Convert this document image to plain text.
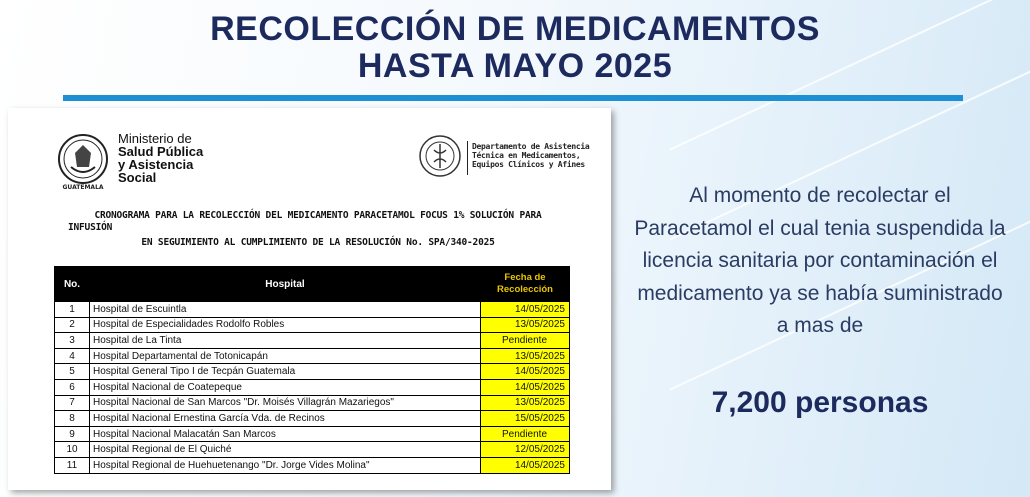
RECOLECCIÓN DE MEDICAMENTOS
HASTA MAYO 2025
GUATEMALA
Ministerio de
Salud Pública
y Asistencia
Social
Departamento de Asistencia
Técnica en Medicamentos,
Equipos Clínicos y Afines
CRONOGRAMA PARA LA RECOLECCIÓN DEL MEDICAMENTO PARACETAMOL FOCUS 1% SOLUCIÓN PARA
INFUSIÓN
EN SEGUIMIENTO AL CUMPLIMIENTO DE LA RESOLUCIÓN No. SPA/340-2025
No.	Hospital	Fecha de Recolección
1	Hospital de Escuintla	14/05/2025
2	Hospital de Especialidades Rodolfo Robles	13/05/2025
3	Hospital de La Tinta	Pendiente
4	Hospital Departamental de Totonicapán	13/05/2025
5	Hospital General Tipo I de Tecpán Guatemala	14/05/2025
6	Hospital Nacional de Coatepeque	14/05/2025
7	Hospital Nacional de San Marcos "Dr. Moisés Villagrán Mazariegos"	13/05/2025
8	Hospital Nacional Ernestina García Vda. de Recinos	15/05/2025
9	Hospital Nacional Malacatán San Marcos	Pendiente
10	Hospital Regional de El Quiché	12/05/2025
11	Hospital Regional de Huehuetenango "Dr. Jorge Vides Molina"	14/05/2025
Al momento de recolectar el Paracetamol el cual tenia suspendida la licencia sanitaria por contaminación el medicamento ya se había suministrado a mas de
7,200 personas
